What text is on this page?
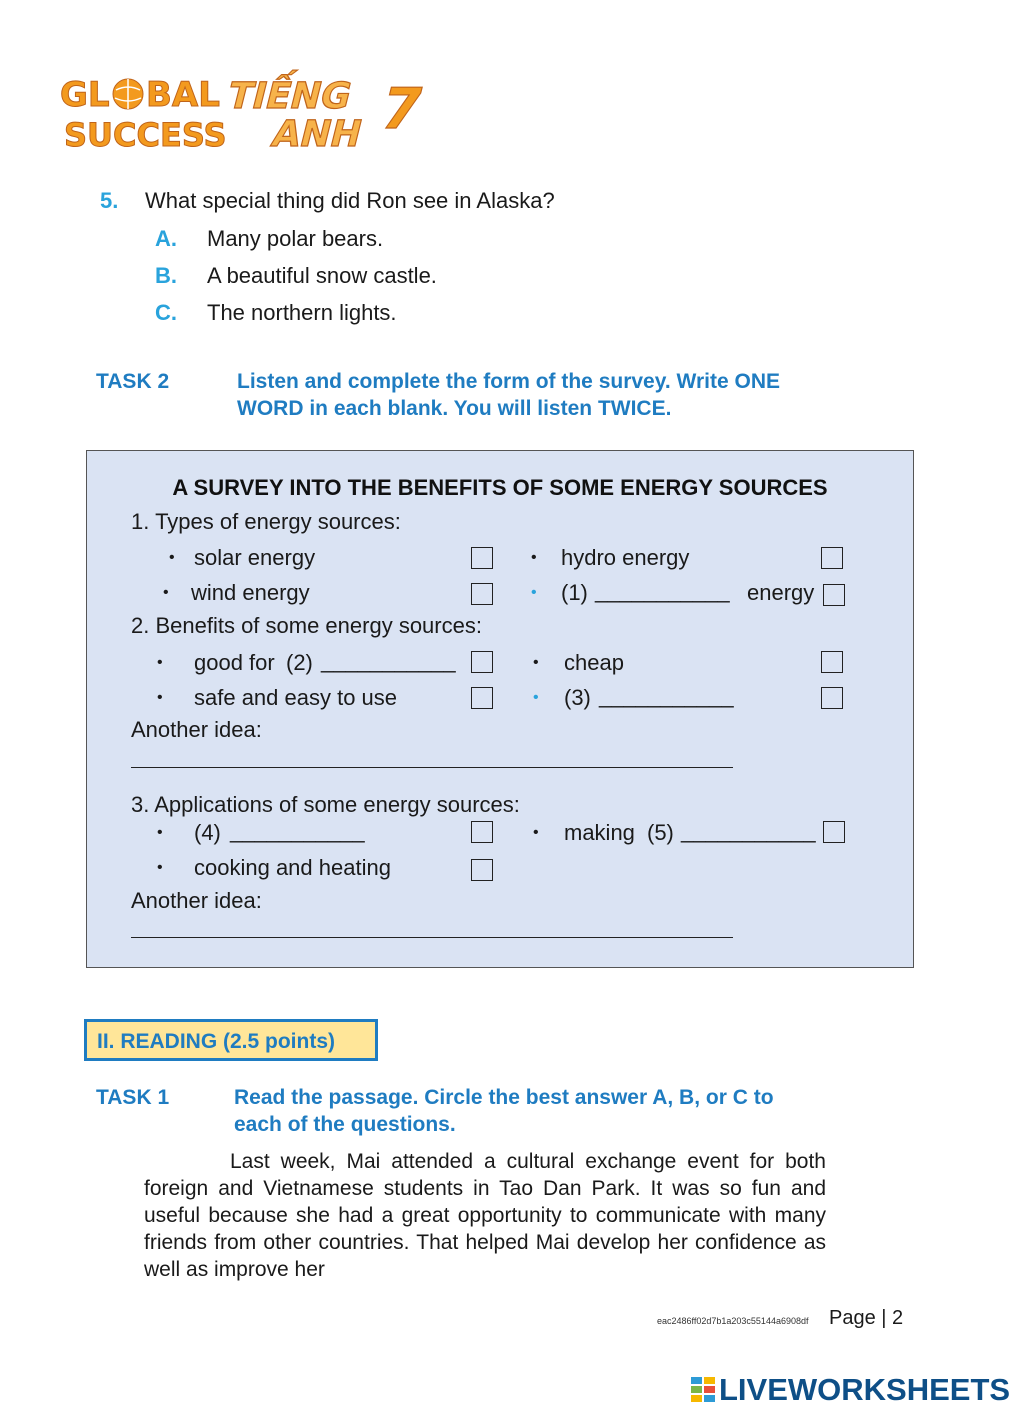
GL BAL
SUCCESS
TIẾNG
ANH 7
5. What special thing did Ron see in Alaska?
A. Many polar bears.
B. A beautiful snow castle.
C. The northern lights.
TASK 2	Listen and complete the form of the survey. Write ONE
WORD in each blank. You will listen TWICE.
A SURVEY INTO THE BENEFITS OF SOME ENERGY SOURCES
1. Types of energy sources:
• solar energy	• hydro energy
• wind energy	• (1) ___________ energy
2. Benefits of some energy sources:
• good for (2) ___________	• cheap
• safe and easy to use	• (3) ___________
Another idea:
3. Applications of some energy sources:
• (4) ___________	• making (5) ___________
• cooking and heating
Another idea:
II. READING (2.5 points)
TASK 1	Read the passage. Circle the best answer A, B, or C to
each of the questions.
Last week, Mai attended a cultural exchange event for both foreign and Vietnamese students in Tao Dan Park. It was so fun and useful because she had a great opportunity to communicate with many friends from other countries. That helped Mai develop her confidence as well as improve her
eac2486ff02d7b1a203c55144a6908df Page | 2
LIVEWORKSHEETS
